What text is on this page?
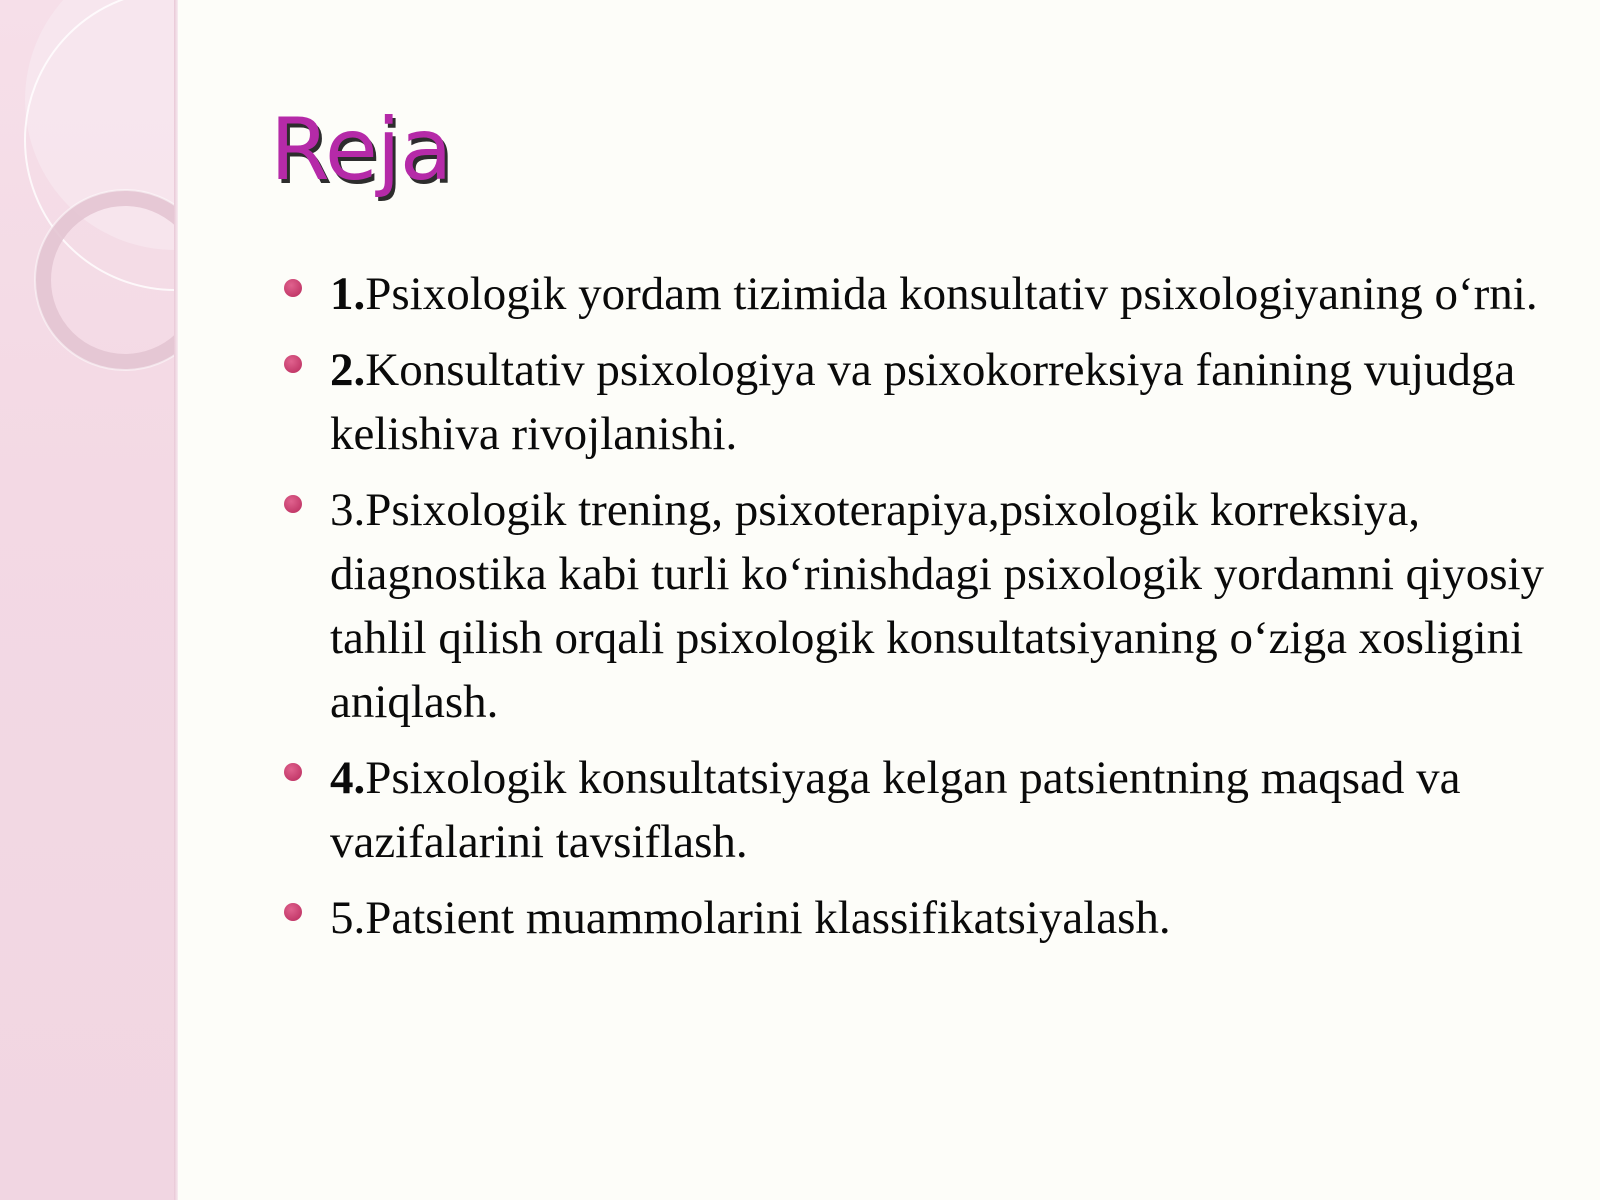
Reja
1.Psixologik yordam tizimida konsultativ psixologiyaning o‘rni.
2.Konsultativ psixologiya va psixokorreksiya fanining vujudga kelishiva rivojlanishi.
3.Psixologik trening, psixoterapiya,psixologik korreksiya, diagnostika kabi turli ko‘rinishdagi psixologik yordamni qiyosiy tahlil qilish orqali psixologik konsultatsiyaning o‘ziga xosligini aniqlash.
4.Psixologik konsultatsiyaga kelgan patsientning maqsad va vazifalarini tavsiflash.
5.Patsient muammolarini klassifikatsiyalash.
